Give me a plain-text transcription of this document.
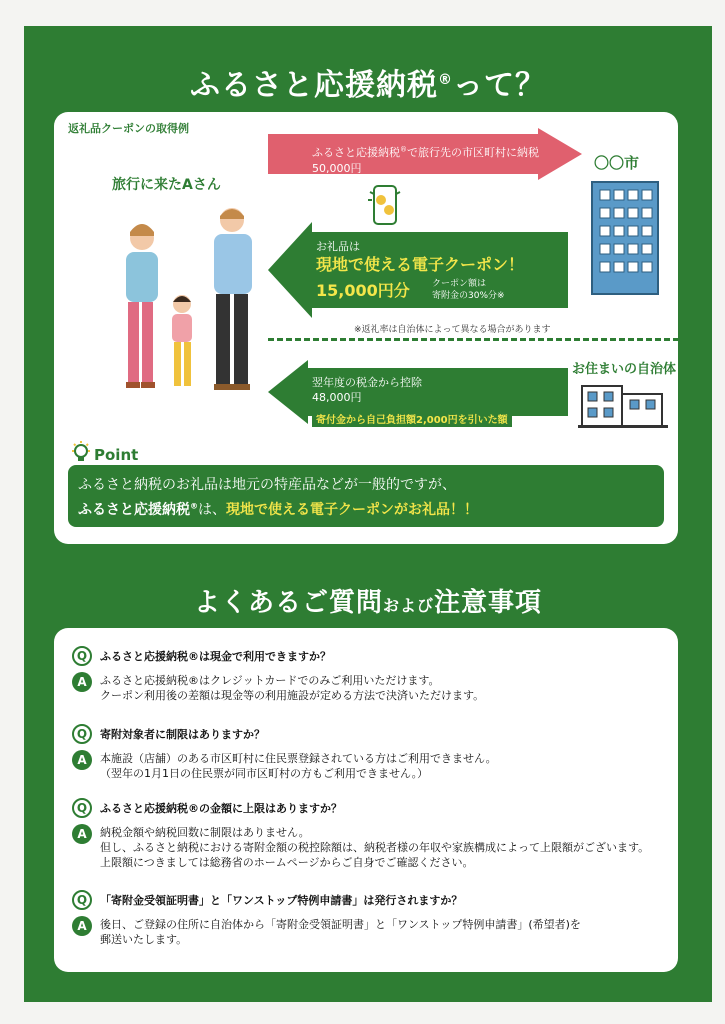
ふるさと応援納税®って？
返礼品クーポンの取得例
ふるさと応援納税®で旅行先の市区町村に納税
50,000円
旅行に来たAさん
〇〇市
お礼品は
現地で使える電子クーポン！
15,000円分 クーポン額は
寄附金の30%分※
※返礼率は自治体によって異なる場合があります
お住まいの自治体
翌年度の税金から控除
48,000円
寄付金から自己負担額2,000円を引いた額
Point
ふるさと納税のお礼品は地元の特産品などが一般的ですが、
ふるさと応援納税®は、現地で使える電子クーポンがお礼品！！
よくあるご質問および注意事項
Q	ふるさと応援納税®は現金で利用できますか？
A	ふるさと応援納税®はクレジットカードでのみご利用いただけます。
クーポン利用後の差額は現金等の利用施設が定める方法で決済いただけます。
Q	寄附対象者に制限はありますか？
A	本施設（店舗）のある市区町村に住民票登録されている方はご利用できません。
（翌年の1月1日の住民票が同市区町村の方もご利用できません。）
Q	ふるさと応援納税®の金額に上限はありますか？
A	納税金額や納税回数に制限はありません。
但し、ふるさと納税における寄附金額の税控除額は、納税者様の年収や家族構成によって上限額がございます。
上限額につきましては総務省のホームページからご自身でご確認ください。
Q	「寄附金受領証明書」と「ワンストップ特例申請書」は発行されますか？
A	後日、ご登録の住所に自治体から「寄附金受領証明書」と「ワンストップ特例申請書」(希望者)を
郵送いたします。
